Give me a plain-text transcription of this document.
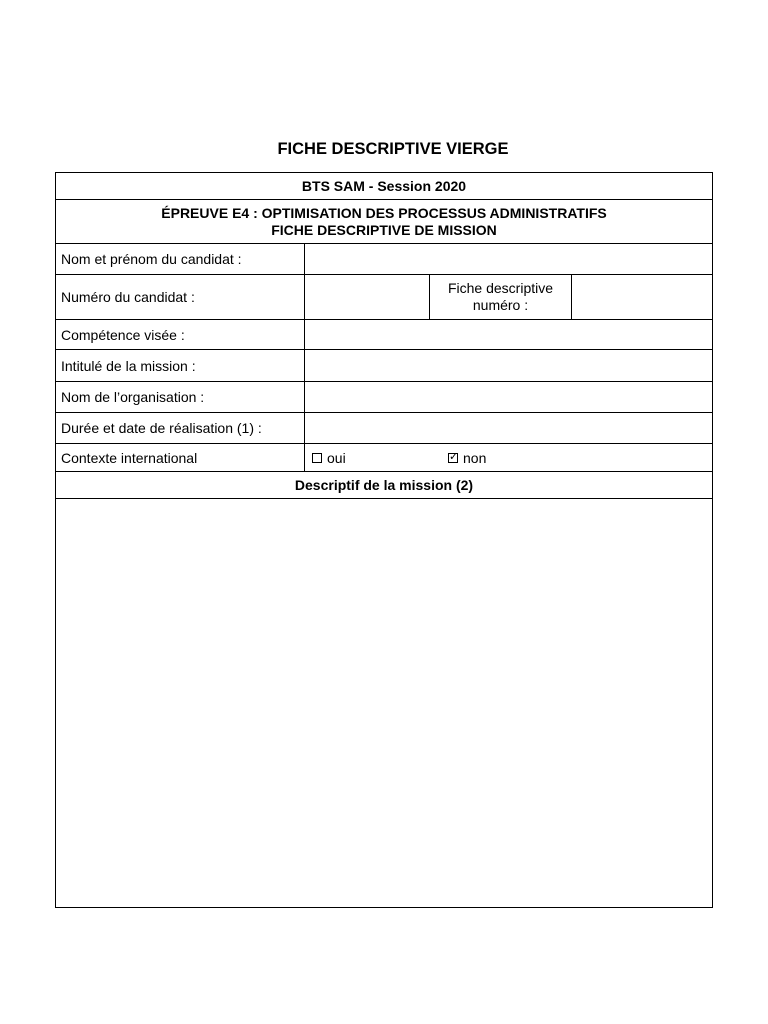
FICHE DESCRIPTIVE VIERGE
BTS SAM - Session 2020
ÉPREUVE E4 : OPTIMISATION DES PROCESSUS ADMINISTRATIFS
FICHE DESCRIPTIVE DE MISSION
Nom et prénom du candidat :
Numéro du candidat :
Fiche descriptive
numéro :
Compétence visée :
Intitulé de la mission :
Nom de l’organisation :
Durée et date de réalisation (1) :
Contexte international	oui
✓	non
Descriptif de la mission (2)
